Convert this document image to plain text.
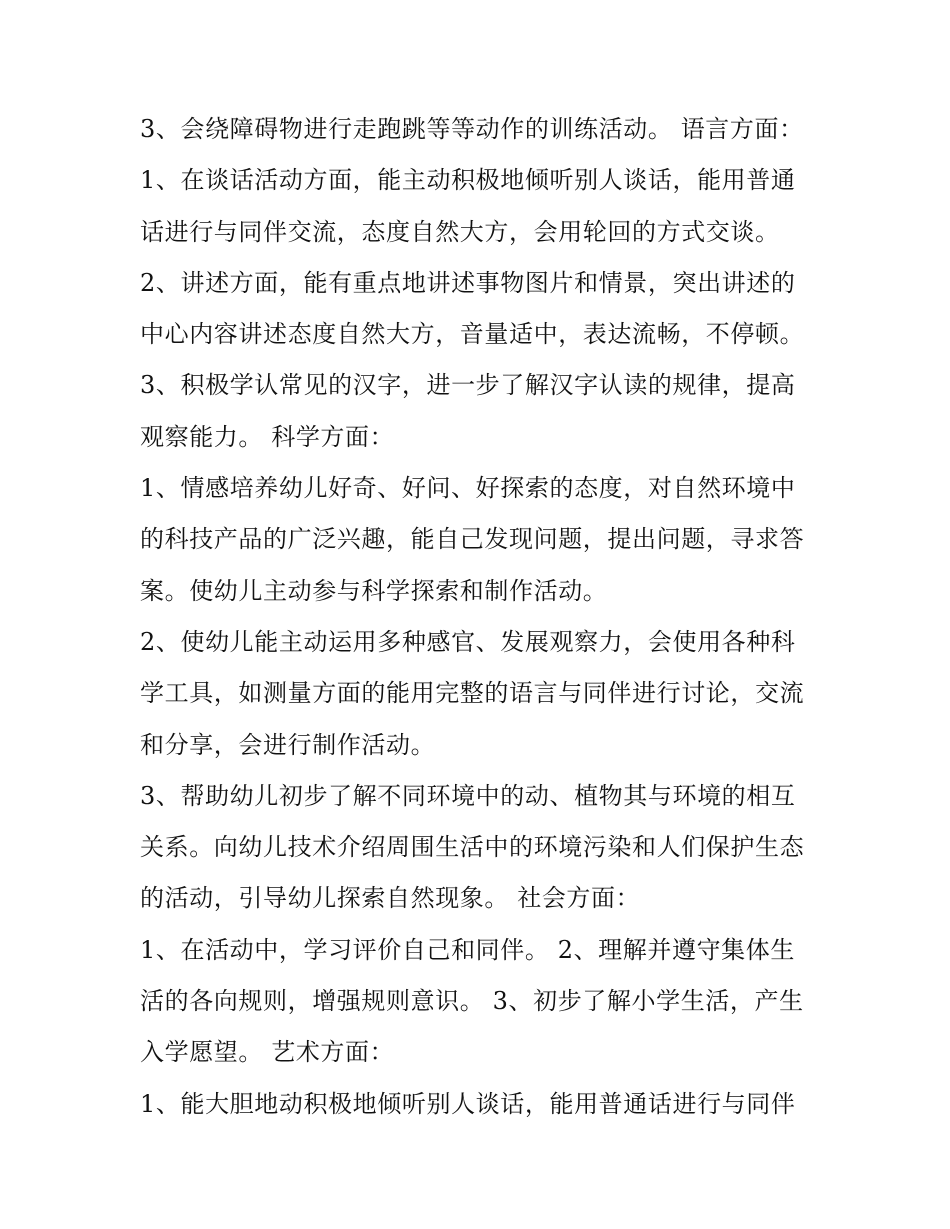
3、会绕障碍物进行走跑跳等等动作的训练活动。 语言方面：
1、在谈话活动方面，能主动积极地倾听别人谈话，能用普通
话进行与同伴交流，态度自然大方，会用轮回的方式交谈。
2、讲述方面，能有重点地讲述事物图片和情景，突出讲述的
中心内容讲述态度自然大方，音量适中，表达流畅，不停顿。
3、积极学认常见的汉字，进一步了解汉字认读的规律，提高
观察能力。 科学方面：
1、情感培养幼儿好奇、好问、好探索的态度，对自然环境中
的科技产品的广泛兴趣，能自己发现问题，提出问题，寻求答
案。使幼儿主动参与科学探索和制作活动。
2、使幼儿能主动运用多种感官、发展观察力，会使用各种科
学工具，如测量方面的能用完整的语言与同伴进行讨论，交流
和分享，会进行制作活动。
3、帮助幼儿初步了解不同环境中的动、植物其与环境的相互
关系。向幼儿技术介绍周围生活中的环境污染和人们保护生态
的活动，引导幼儿探索自然现象。 社会方面：
1、在活动中，学习评价自己和同伴。 2、理解并遵守集体生
活的各向规则，增强规则意识。 3、初步了解小学生活，产生
入学愿望。 艺术方面：
1、能大胆地动积极地倾听别人谈话，能用普通话进行与同伴
